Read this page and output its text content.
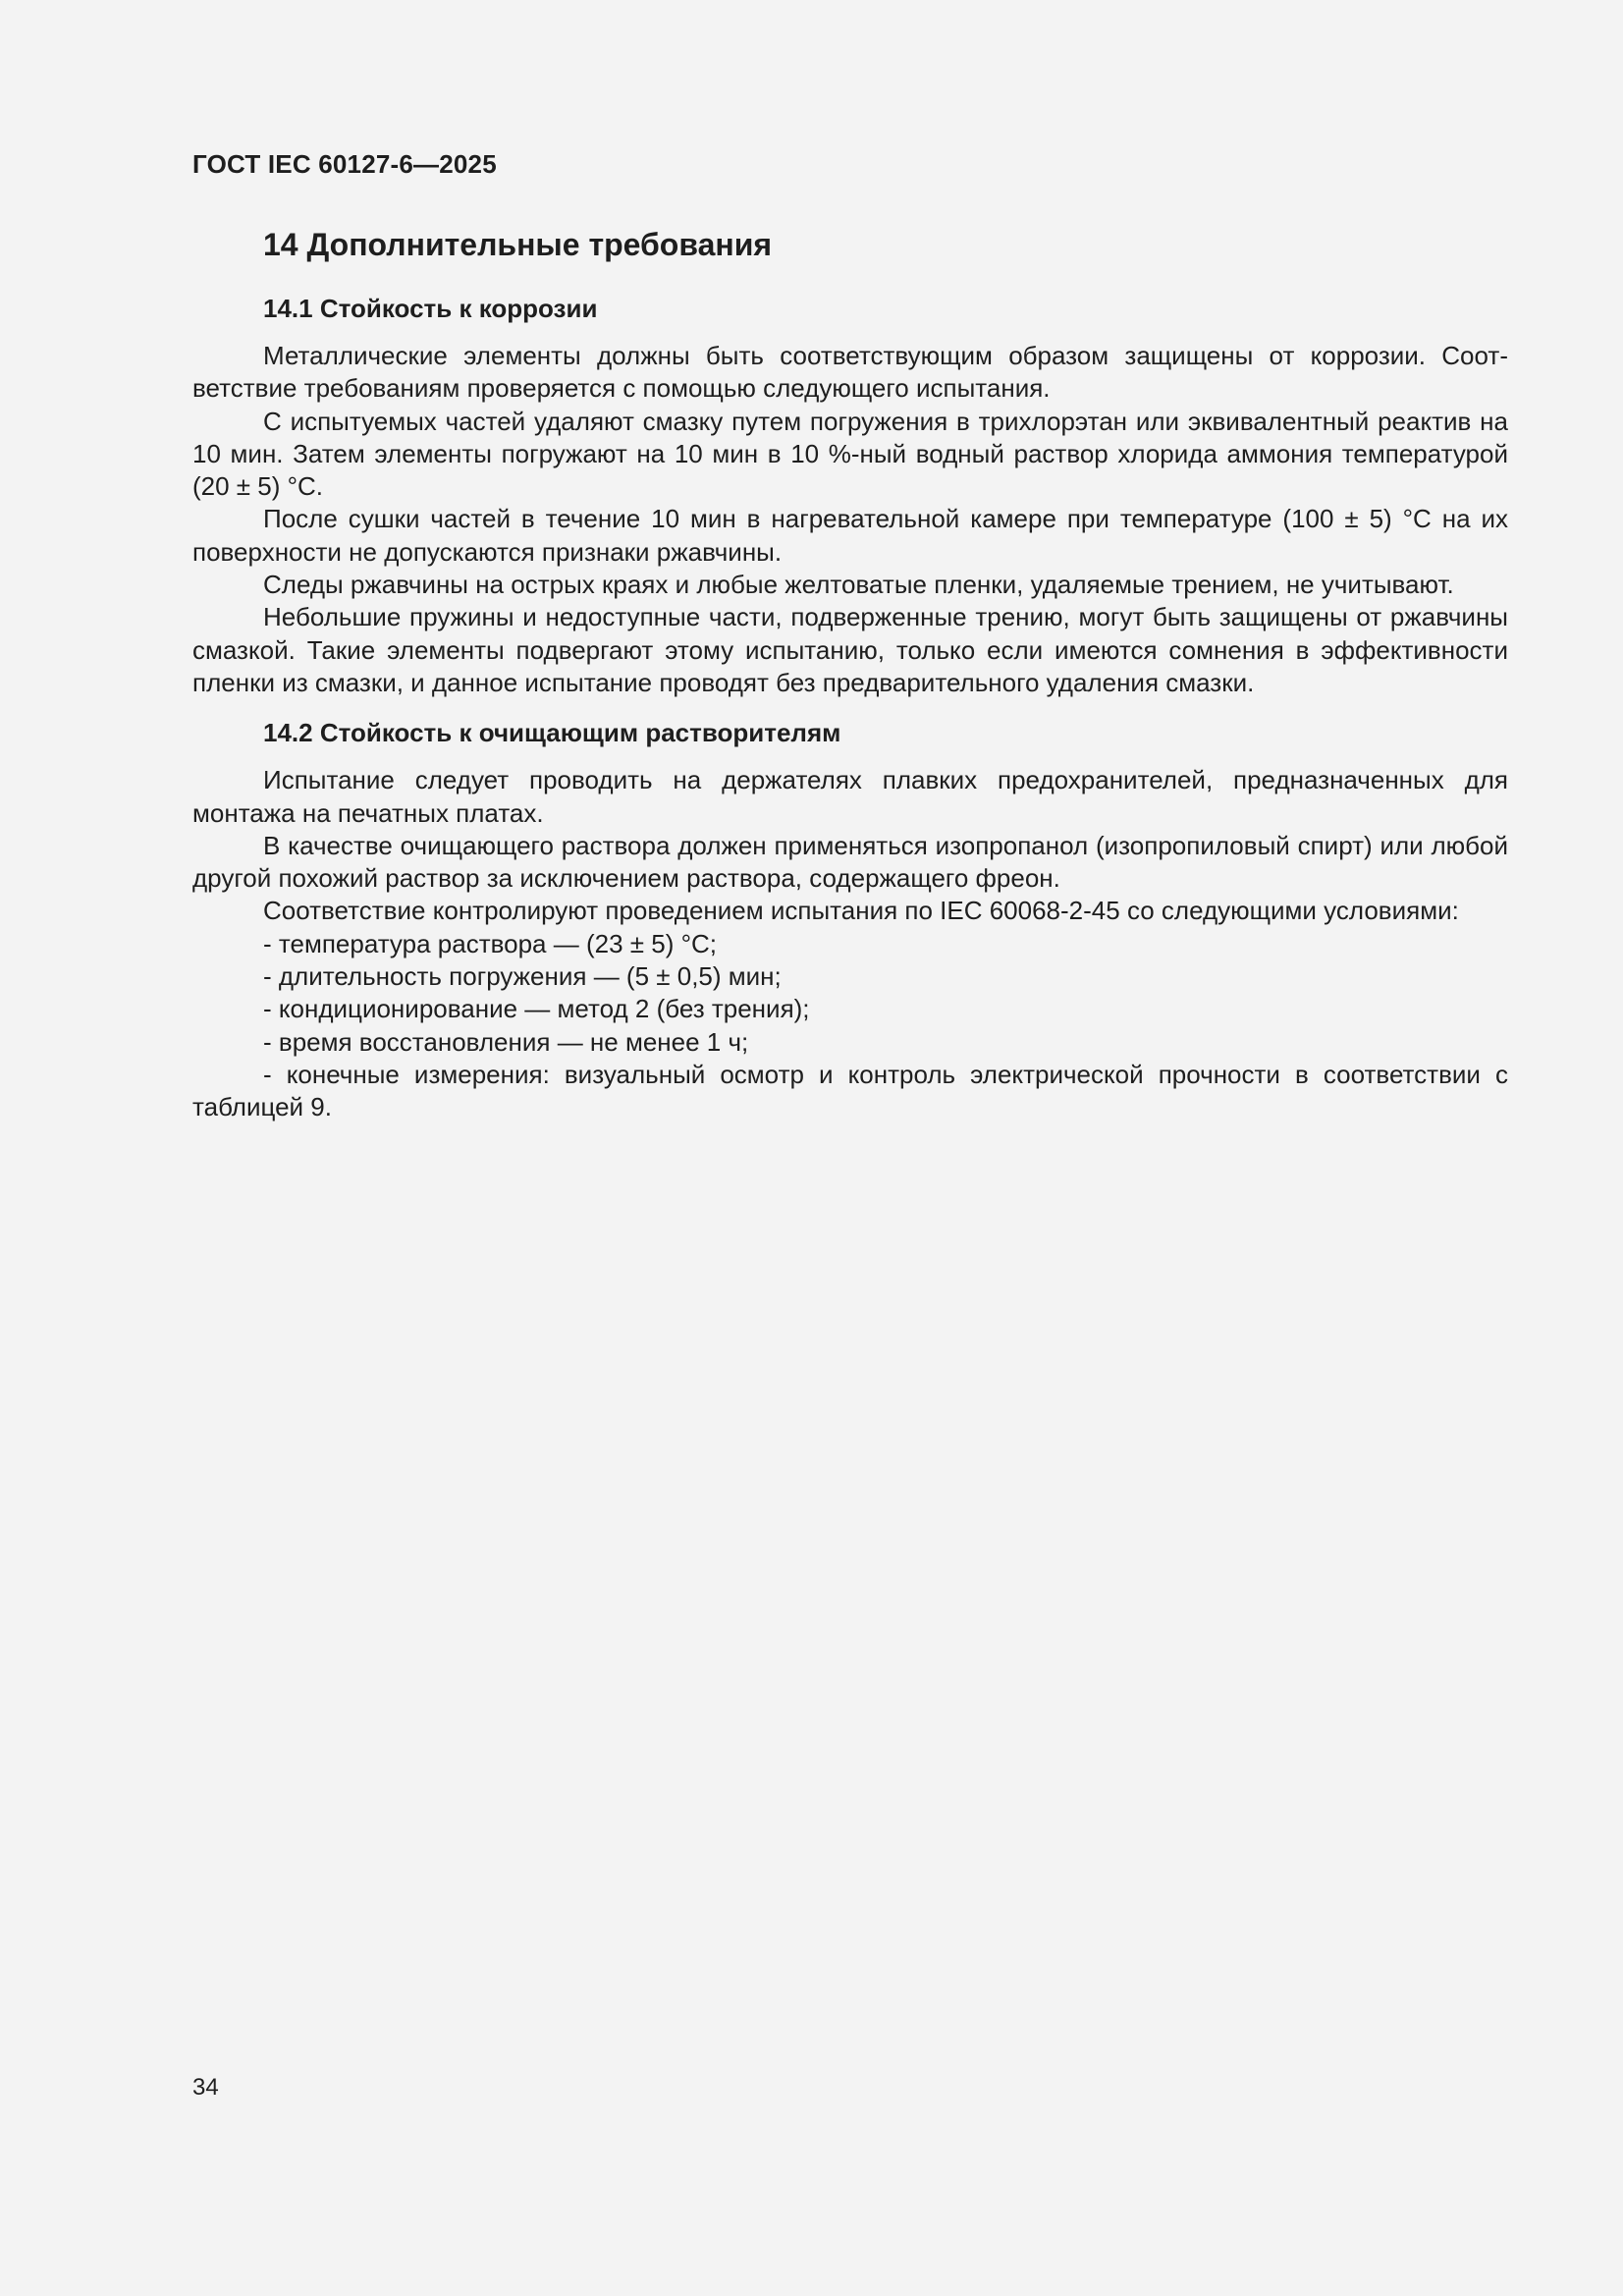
ГОСТ IEC 60127-6—2025
14 Дополнительные требования
14.1 Стойкость к коррозии

Металлические элементы должны быть соответствующим образом защищены от коррозии. Соответствие требованиям проверяется с помощью следующего испытания.

С испытуемых частей удаляют смазку путем погружения в трихлорэтан или эквивалентный реактив на 10 мин. Затем элементы погружают на 10 мин в 10 %-ный водный раствор хлорида аммония температурой (20 ± 5) °С.

После сушки частей в течение 10 мин в нагревательной камере при температуре (100 ± 5) °С на их поверхности не допускаются признаки ржавчины.

Следы ржавчины на острых краях и любые желтоватые пленки, удаляемые трением, не учитывают.

Небольшие пружины и недоступные части, подверженные трению, могут быть защищены от ржавчины смазкой. Такие элементы подвергают этому испытанию, только если имеются сомнения в эффективности пленки из смазки, и данное испытание проводят без предварительного удаления смазки.

14.2 Стойкость к очищающим растворителям

Испытание следует проводить на держателях плавких предохранителей, предназначенных для монтажа на печатных платах.

В качестве очищающего раствора должен применяться изопропанол (изопропиловый спирт) или любой другой похожий раствор за исключением раствора, содержащего фреон.

Соответствие контролируют проведением испытания по IEC 60068-2-45 со следующими условиями:

- температура раствора — (23 ± 5) °С;
- длительность погружения — (5 ± 0,5) мин;
- кондиционирование — метод 2 (без трения);
- время восстановления — не менее 1 ч;
- конечные измерения: визуальный осмотр и контроль электрической прочности в соответствии с таблицей 9.
34
